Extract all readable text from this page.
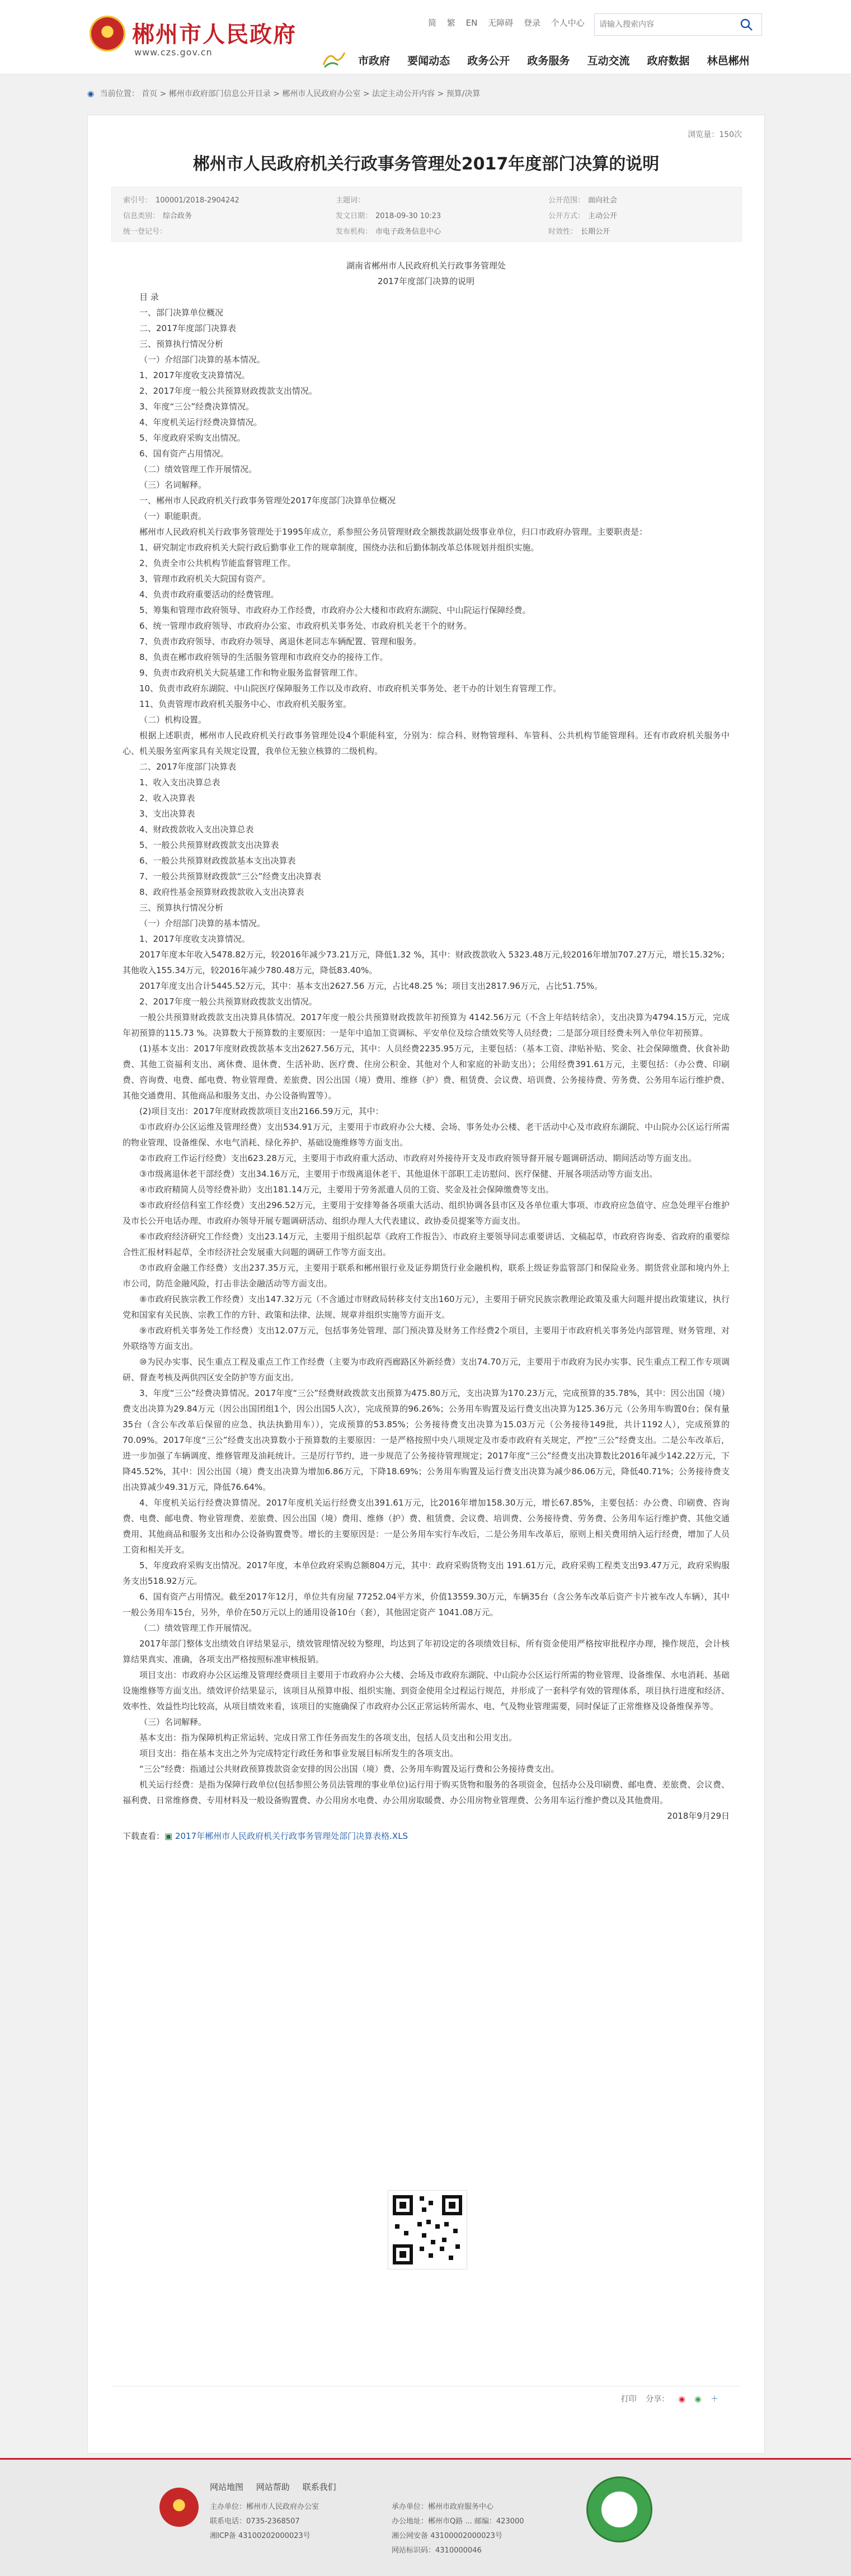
郴州市人民政府
www.czs.gov.cn
简 繁 EN 无障碍 登录 个人中心
请输入搜索内容
市政府 要闻动态 政务公开 政务服务 互动交流 政府数据 林邑郴州
◉ 当前位置： 首页 > 郴州市政府部门信息公开目录 > 郴州市人民政府办公室 > 法定主动公开内容 > 预算/决算
浏览量：150次
郴州市人民政府机关行政事务管理处2017年度部门决算的说明
索引号： 100001/2018-2904242
信息类别： 综合政务
统一登记号：
主题词：
发文日期： 2018-09-30 10:23
发布机构： 市电子政务信息中心
公开范围： 面向社会
公开方式： 主动公开
时效性： 长期公开
湖南省郴州市人民政府机关行政事务管理处
2017年度部门决算的说明
目 录
一、部门决算单位概况
二、2017年度部门决算表
三、预算执行情况分析
（一）介绍部门决算的基本情况。
1、2017年度收支决算情况。
2、2017年度一般公共预算财政拨款支出情况。
3、年度“三公”经费决算情况。
4、年度机关运行经费决算情况。
5、年度政府采购支出情况。
6、国有资产占用情况。
（二）绩效管理工作开展情况。
（三）名词解释。
一、郴州市人民政府机关行政事务管理处2017年度部门决算单位概况
（一）职能职责。
郴州市人民政府机关行政事务管理处于1995年成立，系参照公务员管理财政全额拨款副处级事业单位，归口市政府办管理。主要职责是：
1、研究制定市政府机关大院行政后勤事业工作的规章制度，围绕办法和后勤体制改革总体规划并组织实施。
2、负责全市公共机构节能监督管理工作。
3、管理市政府机关大院国有资产。
4、负责市政府重要活动的经费管理。
5、筹集和管理市政府领导、市政府办工作经费，市政府办公大楼和市政府东湖院、中山院运行保障经费。
6、统一管理市政府领导、市政府办公室、市政府机关事务处、市政府机关老干个的财务。
7、负责市政府领导、市政府办领导、离退休老同志车辆配置、管理和服务。
8、负责在郴市政府领导的生活服务管理和市政府交办的接待工作。
9、负责市政府机关大院基建工作和物业服务监督管理工作。
10、负责市政府东湖院、中山院医疗保障服务工作以及市政府、市政府机关事务处、老干办的计划生育管理工作。
11、负责管理市政府机关服务中心、市政府机关服务室。
（二）机构设置。
根据上述职责，郴州市人民政府机关行政事务管理处设4个职能科室，分别为：综合科、财物管理科、车管科、公共机构节能管理科。还有市政府机关服务中心、机关服务室两家具有关规定设置，我单位无独立核算的二级机构。
二、2017年度部门决算表
1、收入支出决算总表
2、收入决算表
3、支出决算表
4、财政拨款收入支出决算总表
5、一般公共预算财政拨款支出决算表
6、一般公共预算财政拨款基本支出决算表
7、一般公共预算财政拨款“三公”经费支出决算表
8、政府性基金预算财政拨款收入支出决算表
三、预算执行情况分析
（一）介绍部门决算的基本情况。
1、2017年度收支决算情况。
2017年度本年收入5478.82万元，较2016年减少73.21万元，降低1.32 %，其中：财政拨款收入 5323.48万元,较2016年增加707.27万元，增长15.32%；其他收入155.34万元，较2016年减少780.48万元，降低83.40%。
2017年度支出合计5445.52万元，其中：基本支出2627.56 万元，占比48.25 %；项目支出2817.96万元，占比51.75%。
2、2017年度一般公共预算财政拨款支出情况。
一般公共预算财政拨款支出决算具体情况。2017年度一般公共预算财政拨款年初预算为 4142.56万元（不含上年结转结余），支出决算为4794.15万元，完成年初预算的115.73 %。决算数大于预算数的主要原因：一是年中追加工资调标、平安单位及综合绩效奖等人员经费；二是部分项目经费未列入单位年初预算。
(1)基本支出：2017年度财政拨款基本支出2627.56万元，其中：人员经费2235.95万元，主要包括：（基本工资、津贴补贴、奖金、社会保障缴费、伙食补助费、其他工资福利支出、离休费、退休费、生活补助、医疗费、住房公积金、其他对个人和家庭的补助支出）；公用经费391.61万元，主要包括：（办公费、印刷费、咨询费、电费、邮电费、物业管理费、差旅费、因公出国（境）费用、维修（护）费、租赁费、会议费、培训费、公务接待费、劳务费、公务用车运行维护费、其他交通费用、其他商品和服务支出、办公设备购置等）。
(2)项目支出：2017年度财政拨款项目支出2166.59万元，其中：
①市政府办公区运维及管理经费）支出534.91万元，主要用于市政府办公大楼、会场、事务处办公楼、老干活动中心及市政府东湖院、中山院办公区运行所需的物业管理、设备维保、水电气消耗、绿化养护、基础设施维修等方面支出。
②市政府工作运行经费）支出623.28万元，主要用于市政府重大活动、市政府对外接待开支及市政府领导督开展专题调研活动、期间活动等方面支出。
③市级离退休老干部经费）支出34.16万元，主要用于市级离退休老干、其他退休干部职工走访慰问、医疗保健、开展各项活动等方面支出。
④市政府精简人员等经费补助）支出181.14万元，主要用于劳务派遣人员的工资、奖金及社会保障缴费等支出。
⑤市政府经信科室工作经费）支出296.52万元，主要用于安排筹备各项重大活动、组织协调各县市区及各单位重大事项、市政府应急值守、应急处理平台维护及市长公开电话办理、市政府办领导开展专题调研活动、组织办理人大代表建议、政协委员提案等方面支出。
⑥市政府经济研究工作经费）支出23.14万元，主要用于组织起草《政府工作报告》、市政府主要领导同志重要讲话、文稿起草，市政府咨询委、省政府的重要综合性汇报材料起草，全市经济社会发展重大问题的调研工作等方面支出。
⑦市政府金融工作经费）支出237.35万元，主要用于联系和郴州银行业及证券期货行业金融机构，联系上级证券监管部门和保险业务。期货营业部和境内外上市公司，防范金融风险，打击非法金融活动等方面支出。
⑧市政府民族宗教工作经费）支出147.32万元（不含通过市财政局转移支付支出160万元），主要用于研究民族宗教理论政策及重大问题并提出政策建议，执行党和国家有关民族、宗教工作的方针、政策和法律、法规、规章并组织实施等方面开支。
⑨市政府机关事务处工作经费）支出12.07万元，包括事务处管理、部门预决算及财务工作经费2个项目，主要用于市政府机关事务处内部管理、财务管理、对外联络等方面支出。
⑩为民办实事、民生重点工程及重点工作工作经费（主要为市政府西廊路区外新经费）支出74.70万元，主要用于市政府为民办实事、民生重点工程工作专项调研、督查考核及两供四区安全防护等方面支出。
3、年度“三公”经费决算情况。2017年度“三公”经费财政拨款支出预算为475.80万元，支出决算为170.23万元，完成预算的35.78%，其中：因公出国（境）费支出决算为29.84万元（因公出国团组1个，因公出国5人次），完成预算的96.26%；公务用车购置及运行费支出决算为125.36万元（公务用车购置0台；保有量35台（含公车改革后保留的应急、执法执勤用车）），完成预算的53.85%；公务接待费支出决算为15.03万元（公务接待149批，共计1192人），完成预算的70.09%。2017年度“三公”经费支出决算数小于预算数的主要原因：一是严格按照中央八项规定及市委市政府有关规定，严控“三公”经费支出。二是公车改革后，进一步加强了车辆调度、维修管理及油耗统计。三是厉行节约，进一步规范了公务接待管理规定；2017年度“三公”经费支出决算数比2016年减少142.22万元，下降45.52%，其中：因公出国（境）费支出决算为增加6.86万元，下降18.69%；公务用车购置及运行费支出决算为减少86.06万元，降低40.71%；公务接待费支出决算减少49.31万元，降低76.64%。
4、年度机关运行经费决算情况。2017年度机关运行经费支出391.61万元，比2016年增加158.30万元，增长67.85%，主要包括：办公费、印刷费、咨询费、电费、邮电费、物业管理费、差旅费、因公出国（境）费用、维修（护）费、租赁费、会议费、培训费、公务接待费、劳务费、公务用车运行维护费、其他交通费用、其他商品和服务支出和办公设备购置费等。增长的主要原因是：一是公务用车实行车改后，二是公务用车改革后，原则上相关费用纳入运行经费，增加了人员工资和相关开支。
5、年度政府采购支出情况。2017年度，本单位政府采购总额804万元，其中：政府采购货物支出 191.61万元，政府采购工程类支出93.47万元，政府采购服务支出518.92万元。
6、国有资产占用情况。截至2017年12月，单位共有房屋 77252.04平方米，价值13559.30万元，车辆35台（含公务车改革后资产卡片被车改人车辆），其中一般公务用车15台，另外，单价在50万元以上的通用设备10台（套），其他固定资产 1041.08万元。
（二）绩效管理工作开展情况。
2017年部门整体支出绩效自评结果显示，绩效管理情况较为整理，均达到了年初设定的各项绩效目标，所有资金使用严格按审批程序办理，操作规范，会计核算结果真实、准确，各项支出严格按照标准审核报销。
项目支出：市政府办公区运维及管理经费项目主要用于市政府办公大楼、会场及市政府东湖院、中山院办公区运行所需的物业管理、设备维保、水电消耗、基础设施维修等方面支出。绩效评价结果显示，该项目从预算申报、组织实施、到资金使用全过程运行规范，并形成了一套科学有效的管理体系，项目执行进度和经济、效率性、效益性均比较高，从项目绩效来看，该项目的实施确保了市政府办公区正常运转所需水、电、气及物业管理需要，同时保证了正常维修及设备维保养等。
（三）名词解释。
基本支出：指为保障机构正常运转、完成日常工作任务而发生的各项支出，包括人员支出和公用支出。
项目支出：指在基本支出之外为完成特定行政任务和事业发展目标所发生的各项支出。
“三公”经费：指通过公共财政预算拨款资金安排的因公出国（境）费、公务用车购置及运行费和公务接待费支出。
机关运行经费：是指为保障行政单位(包括参照公务员法管理的事业单位)运行用于购买货物和服务的各项资金，包括办公及印刷费、邮电费、差旅费、会议费、福利费、日常维修费、专用材料及一般设备购置费、办公用房水电费、办公用房取暖费、办公用房物业管理费、公务用车运行维护费以及其他费用。
2018年9月29日
下载查看：▣ 2017年郴州市人民政府机关行政事务管理处部门决算表格.XLS
打印 分享： ◉ ◉ ＋
网站地图 网站帮助 联系我们
主办单位：郴州市人民政府办公室
联系电话：0735-2368507
湘ICP备 43100202000023号
承办单位：郴州市政府服务中心
办公地址：郴州市Q路 ... 邮编：423000
湘公网安备 43100002000023号
网站标识码：4310000046
